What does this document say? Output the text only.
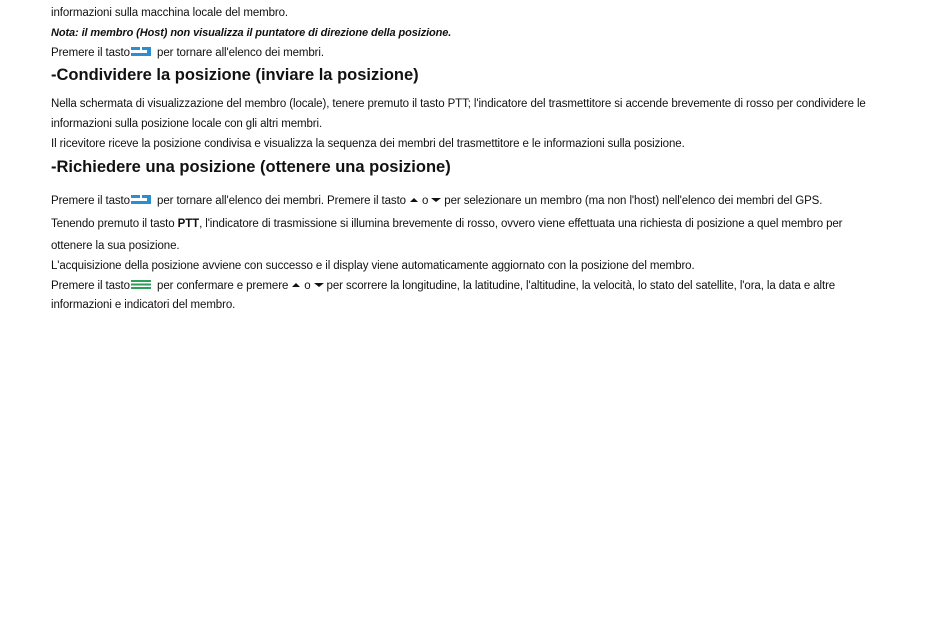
informazioni sulla macchina locale del membro.
Nota: il membro (Host) non visualizza il puntatore di direzione della posizione.
Premere il tasto per tornare all'elenco dei membri.
-Condividere la posizione (inviare la posizione)
Nella schermata di visualizzazione del membro (locale), tenere premuto il tasto PTT; l'indicatore del trasmettitore si accende brevemente di rosso per condividere le
informazioni sulla posizione locale con gli altri membri.
Il ricevitore riceve la posizione condivisa e visualizza la sequenza dei membri del trasmettitore e le informazioni sulla posizione.
-Richiedere una posizione (ottenere una posizione)
Premere il tasto per tornare all'elenco dei membri. Premere il tasto o per selezionare un membro (ma non l'host) nell'elenco dei membri del GPS.
Tenendo premuto il tasto PTT, l'indicatore di trasmissione si illumina brevemente di rosso, ovvero viene effettuata una richiesta di posizione a quel membro per
ottenere la sua posizione.
L'acquisizione della posizione avviene con successo e il display viene automaticamente aggiornato con la posizione del membro.
Premere il tasto per confermare e premere o per scorrere la longitudine, la latitudine, l'altitudine, la velocità, lo stato del satellite, l'ora, la data e altre
informazioni e indicatori del membro.
